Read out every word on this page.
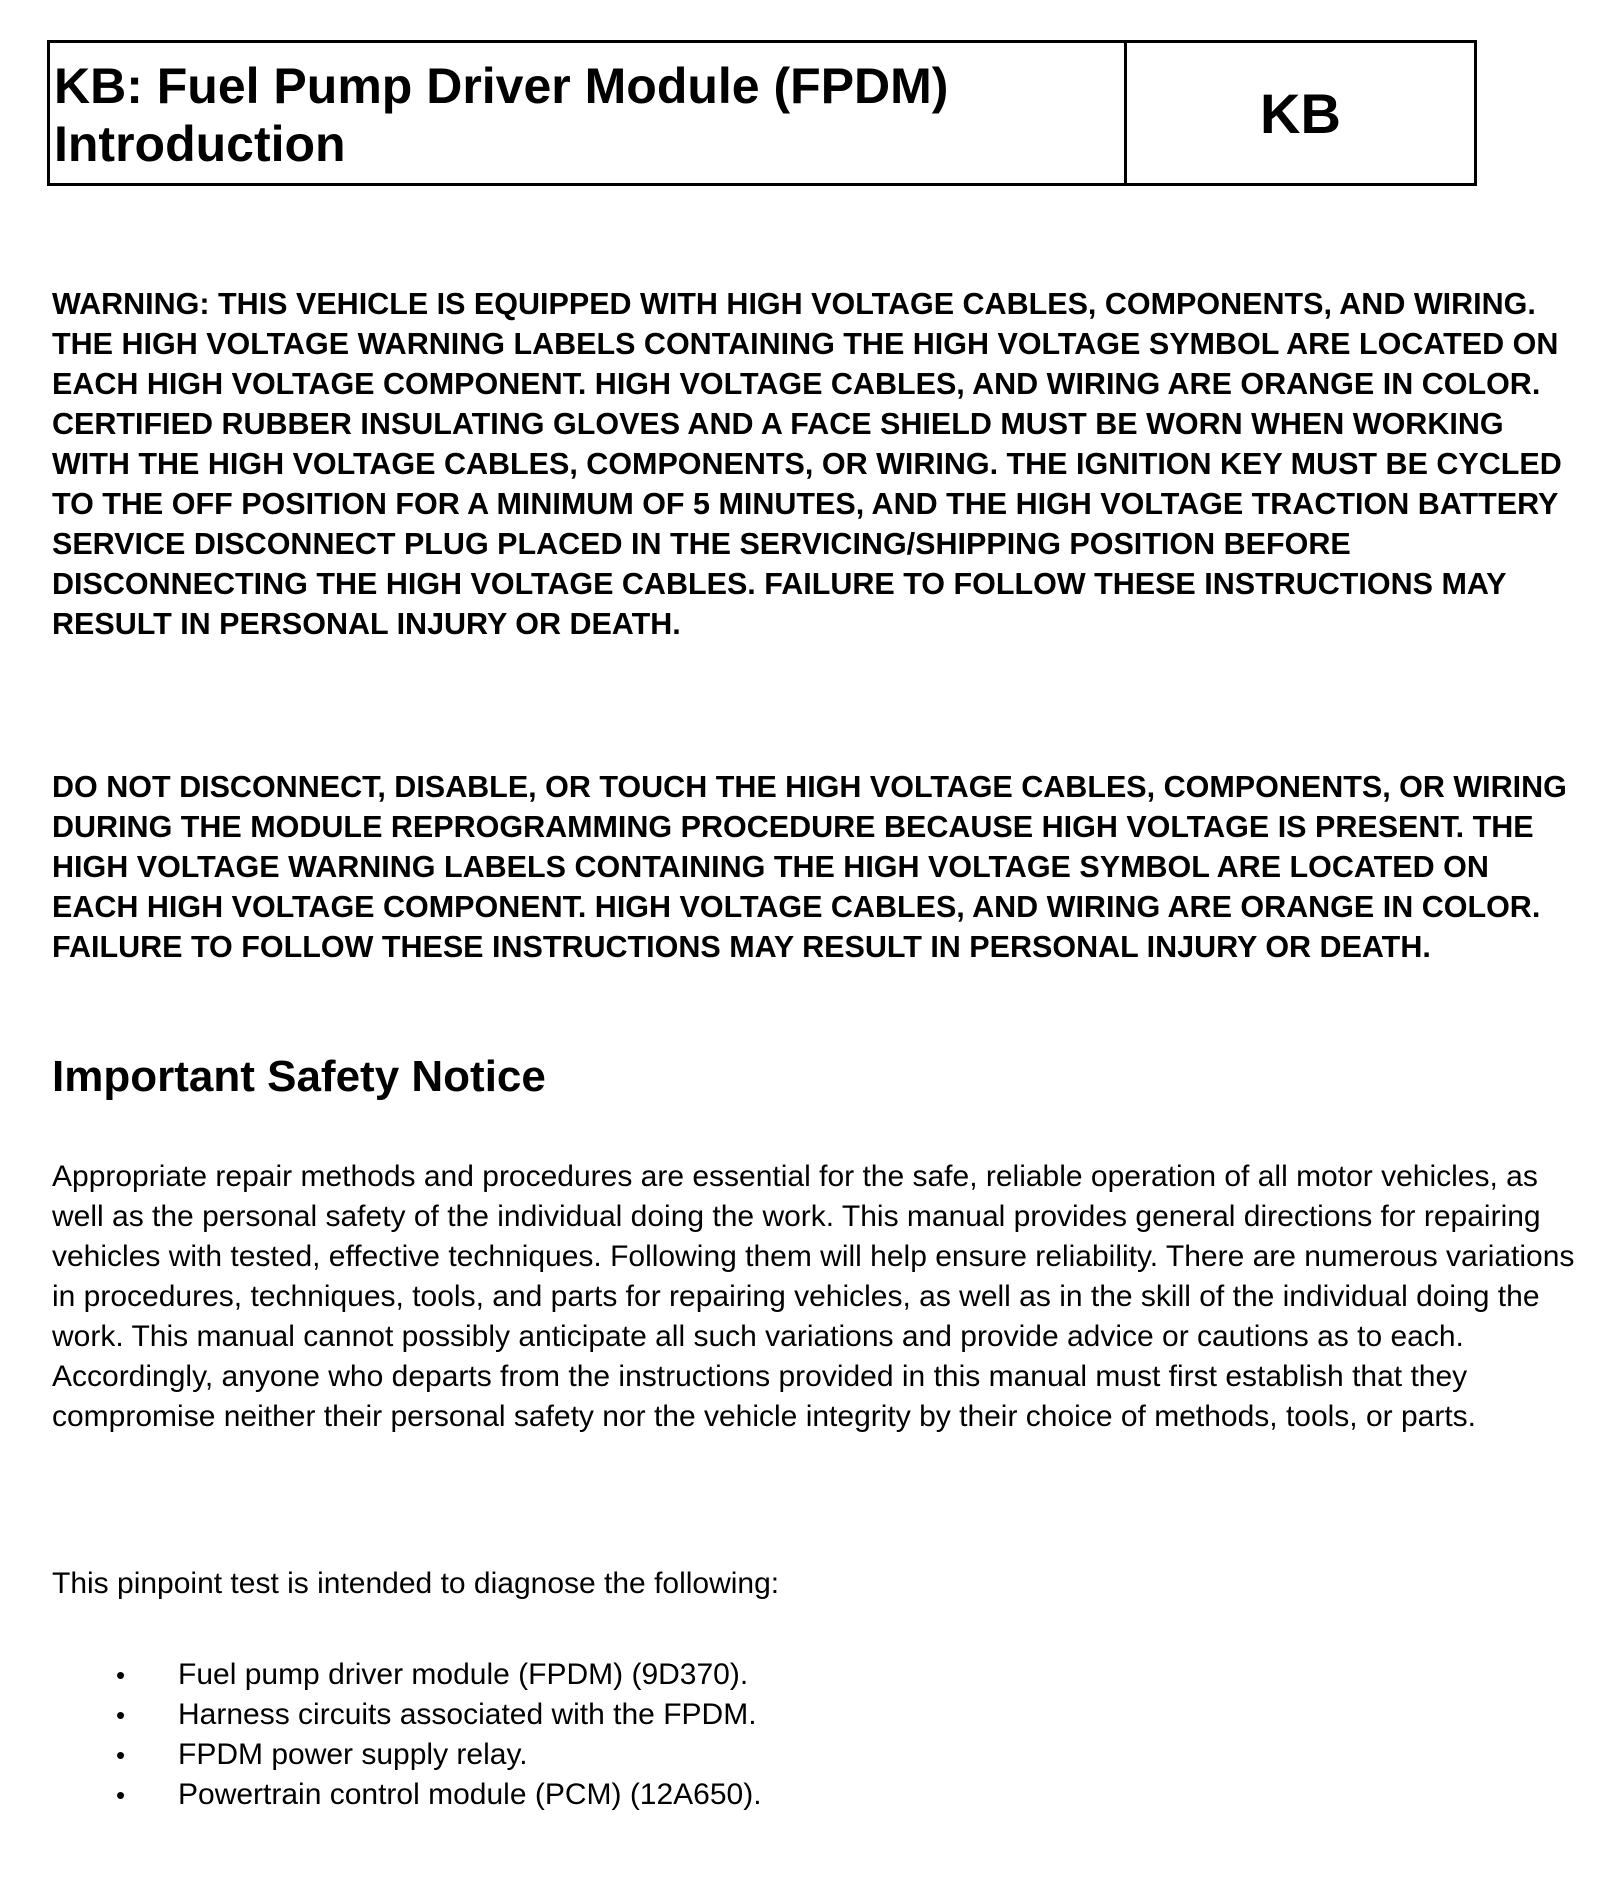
KB: Fuel Pump Driver Module (FPDM)
Introduction	KB

WARNING: THIS VEHICLE IS EQUIPPED WITH HIGH VOLTAGE CABLES, COMPONENTS, AND WIRING. THE HIGH VOLTAGE WARNING LABELS CONTAINING THE HIGH VOLTAGE SYMBOL ARE LOCATED ON EACH HIGH VOLTAGE COMPONENT. HIGH VOLTAGE CABLES, AND WIRING ARE ORANGE IN COLOR. CERTIFIED RUBBER INSULATING GLOVES AND A FACE SHIELD MUST BE WORN WHEN WORKING WITH THE HIGH VOLTAGE CABLES, COMPONENTS, OR WIRING. THE IGNITION KEY MUST BE CYCLED TO THE OFF POSITION FOR A MINIMUM OF 5 MINUTES, AND THE HIGH VOLTAGE TRACTION BATTERY SERVICE DISCONNECT PLUG PLACED IN THE SERVICING/SHIPPING POSITION BEFORE DISCONNECTING THE HIGH VOLTAGE CABLES. FAILURE TO FOLLOW THESE INSTRUCTIONS MAY RESULT IN PERSONAL INJURY OR DEATH.

DO NOT DISCONNECT, DISABLE, OR TOUCH THE HIGH VOLTAGE CABLES, COMPONENTS, OR WIRING DURING THE MODULE REPROGRAMMING PROCEDURE BECAUSE HIGH VOLTAGE IS PRESENT. THE HIGH VOLTAGE WARNING LABELS CONTAINING THE HIGH VOLTAGE SYMBOL ARE LOCATED ON EACH HIGH VOLTAGE COMPONENT. HIGH VOLTAGE CABLES, AND WIRING ARE ORANGE IN COLOR. FAILURE TO FOLLOW THESE INSTRUCTIONS MAY RESULT IN PERSONAL INJURY OR DEATH.

Important Safety Notice

Appropriate repair methods and procedures are essential for the safe, reliable operation of all motor vehicles, as well as the personal safety of the individual doing the work. This manual provides general directions for repairing vehicles with tested, effective techniques. Following them will help ensure reliability. There are numerous variations in procedures, techniques, tools, and parts for repairing vehicles, as well as in the skill of the individual doing the work. This manual cannot possibly anticipate all such variations and provide advice or cautions as to each. Accordingly, anyone who departs from the instructions provided in this manual must first establish that they compromise neither their personal safety nor the vehicle integrity by their choice of methods, tools, or parts.

This pinpoint test is intended to diagnose the following:

•	Fuel pump driver module (FPDM) (9D370).
•	Harness circuits associated with the FPDM.
•	FPDM power supply relay.
•	Powertrain control module (PCM) (12A650).
